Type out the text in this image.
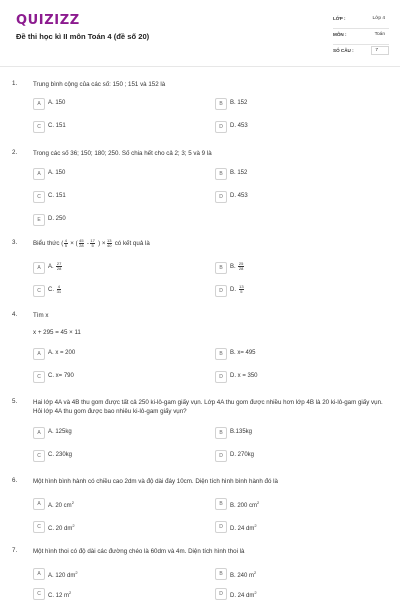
QUIZIZZ
Đề thi học kì II môn Toán 4 (đề số 20)
LỚP :	Lớp 4
MÔN :	Toán
SỐ CÂU :	7
1.	Trung bình cộng của các số: 150 ; 151 và 152 là
A	A. 150	B	B. 152
C	C. 151	D	D. 453
2.	Trong các số 36; 150; 180; 250. Số chia hết cho cả 2; 3; 5 và 9 là
A	A. 150	B	B. 152
C	C. 151	D	D. 453
E	D. 250
3.	Biểu thức ( $\frac{4}{5}$ × ( $\frac{45}{28} - \frac{17}{5}$ ) × $\frac{13}{40}$ có kết quả là
A	A. $\frac{27}{28}$	B	B. $\frac{25}{28}$
C	C. $\frac{4}{31}$	D	D. $\frac{13}{5}$
4.	Tìm x
x + 295 = 45 × 11
A	A. x = 200	B	B. x= 495
C	C. x= 790	D	D. x = 350
5.	Hai lớp 4A và 4B thu gom được tất cả 250 ki-lô-gam giấy vụn. Lớp 4A thu gom được nhiều hơn lớp 4B là 20 ki-lô-gam giấy vụn. Hỏi lớp 4A thu gom được bao nhiêu ki-lô-gam giấy vụn?
A	A. 125kg	B	B.135kg
C	C. 230kg	D	D. 270kg
6.	Một hình bình hành có chiều cao 2dm và độ dài đáy 10cm. Diện tích hình bình hành đó là
A	A. 20 $cm^2$	B	B. 200 $cm^2$
C	C. 20 $dm^2$	D	D. 24 $dm^2$
7.	Một hình thoi có độ dài các đường chéo là 60dm và 4m. Diện tích hình thoi là
A	A. 120 $dm^2$	B	B. 240 $m^2$
C	C. 12 $m^2$	D	D. 24 $dm^2$
